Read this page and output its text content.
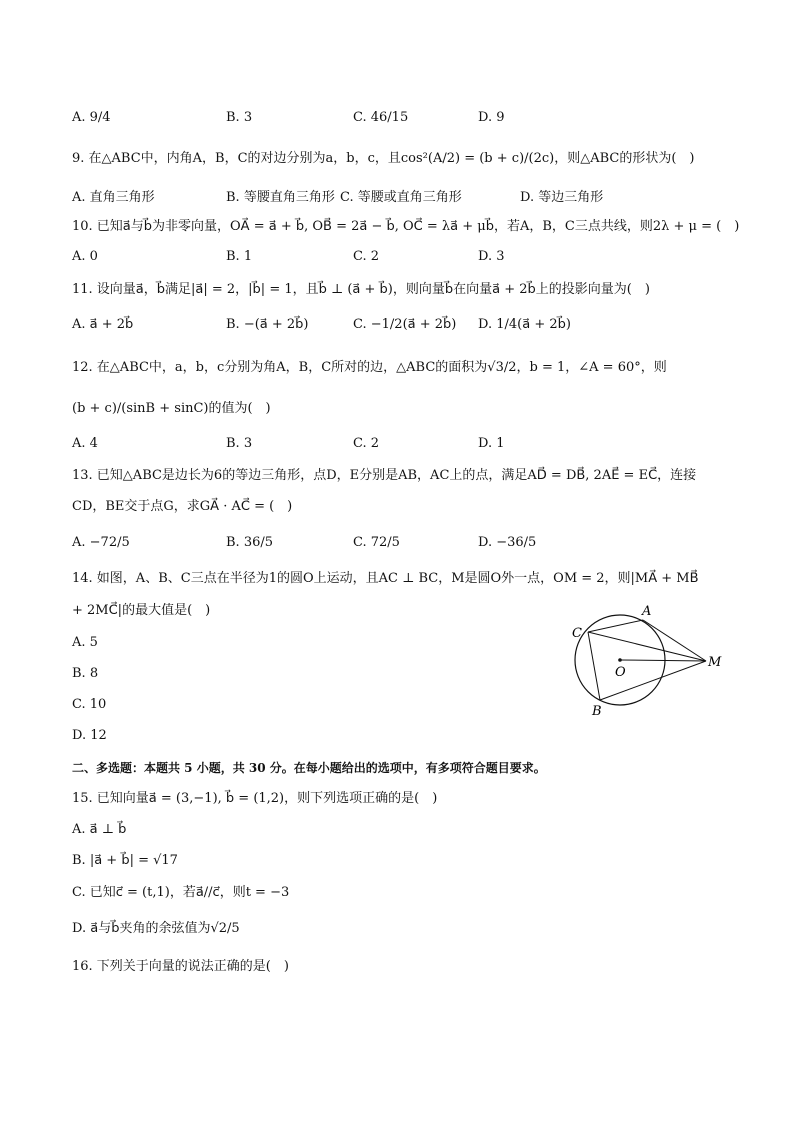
A. 9/4	B. 3	C. 46/15	D. 9
9. 在△ABC中，内角A，B，C的对边分别为a，b，c，且cos²(A/2) = (b + c)/(2c)，则△ABC的形状为(　)
A. 直角三角形	B. 等腰直角三角形 C. 等腰或直角三角形	D. 等边三角形
10. 已知a⃗与b⃗为非零向量，OA⃗ = a⃗ + b⃗, OB⃗ = 2a⃗ − b⃗, OC⃗ = λa⃗ + μb⃗，若A，B，C三点共线，则2λ + μ = (　)
A. 0	B. 1	C. 2	D. 3
11. 设向量a⃗，b⃗满足|a⃗| = 2，|b⃗| = 1，且b⃗ ⊥ (a⃗ + b⃗)，则向量b⃗在向量a⃗ + 2b⃗上的投影向量为(　)
A. a⃗ + 2b⃗	B. −(a⃗ + 2b⃗)	C. −1/2(a⃗ + 2b⃗) D. 1/4(a⃗ + 2b⃗)
12. 在△ABC中，a，b，c分别为角A，B，C所对的边，△ABC的面积为√3/2，b = 1，∠A = 60°，则
(b + c)/(sinB + sinC)的值为(　)
A. 4	B. 3	C. 2	D. 1
13. 已知△ABC是边长为6的等边三角形，点D，E分别是AB，AC上的点，满足AD⃗ = DB⃗, 2AE⃗ = EC⃗，连接
CD，BE交于点G，求GA⃗ · AC⃗ = (　)
A. −72/5	B. 36/5	C. 72/5	D. −36/5
14. 如图，A、B、C三点在半径为1的圆O上运动，且AC ⊥ BC，M是圆O外一点，OM = 2，则|MA⃗ + MB⃗
+ 2MC⃗|的最大值是(　)
A. 5
B. 8
C. 10
D. 12
A
C
O
M
B
二、多选题：本题共 5 小题，共 30 分。在每小题给出的选项中，有多项符合题目要求。
15. 已知向量a⃗ = (3,−1), b⃗ = (1,2)，则下列选项正确的是(　)
A. a⃗ ⊥ b⃗
B. |a⃗ + b⃗| = √17
C. 已知c⃗ = (t,1)，若a⃗//c⃗，则t = −3
D. a⃗与b⃗夹角的余弦值为√2/5
16. 下列关于向量的说法正确的是(　)
